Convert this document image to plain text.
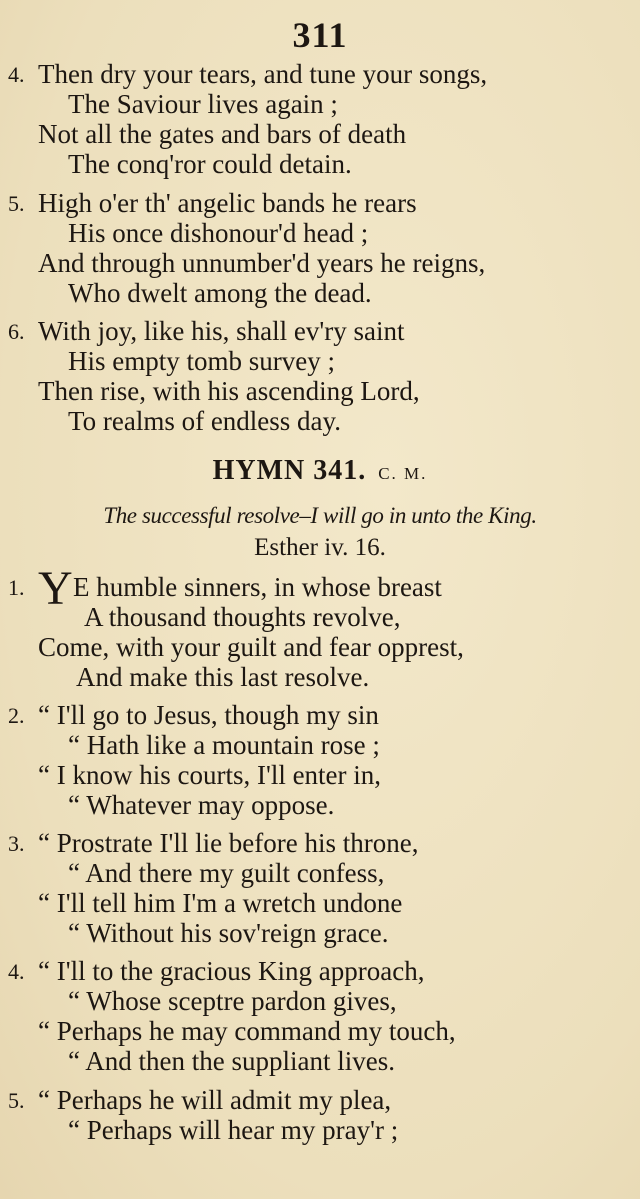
311
4. Then dry your tears, and tune your songs,
The Saviour lives again ;
Not all the gates and bars of death
The conq'ror could detain.
5. High o'er th' angelic bands he rears
His once dishonour'd head ;
And through unnumber'd years he reigns,
Who dwelt among the dead.
6. With joy, like his, shall ev'ry saint
His empty tomb survey ;
Then rise, with his ascending Lord,
To realms of endless day.
HYMN 341. C. M.
The successful resolve–I will go in unto the King.
Esther iv. 16.
1. Y E humble sinners, in whose breast
A thousand thoughts revolve,
Come, with your guilt and fear opprest,
And make this last resolve.
2. “ I'll go to Jesus, though my sin
“ Hath like a mountain rose ;
“ I know his courts, I'll enter in,
“ Whatever may oppose.
3. “ Prostrate I'll lie before his throne,
“ And there my guilt confess,
“ I'll tell him I'm a wretch undone
“ Without his sov'reign grace.
4. “ I'll to the gracious King approach,
“ Whose sceptre pardon gives,
“ Perhaps he may command my touch,
“ And then the suppliant lives.
5. “ Perhaps he will admit my plea,
“ Perhaps will hear my pray'r ;
